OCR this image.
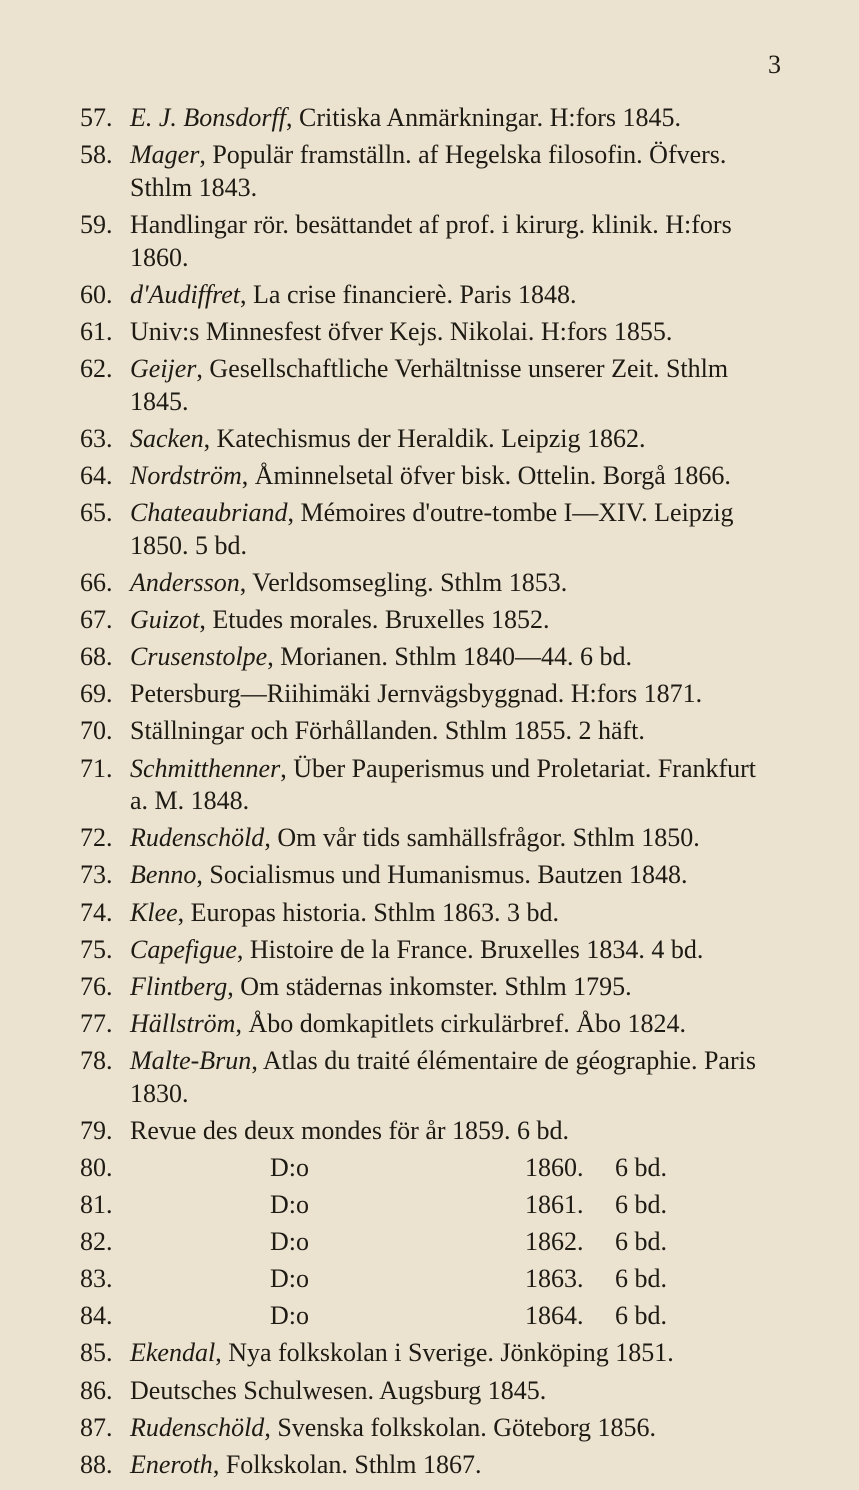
3
57. E. J. Bonsdorff, Critiska Anmärkningar. H:fors 1845.
58. Mager, Populär framställn. af Hegelska filosofin. Öfvers. Sthlm 1843.
59. Handlingar rör. besättandet af prof. i kirurg. klinik. H:fors 1860.
60. d'Audiffret, La crise financierè. Paris 1848.
61. Univ:s Minnesfest öfver Kejs. Nikolai. H:fors 1855.
62. Geijer, Gesellschaftliche Verhältnisse unserer Zeit. Sthlm 1845.
63. Sacken, Katechismus der Heraldik. Leipzig 1862.
64. Nordström, Åminnelsetal öfver bisk. Ottelin. Borgå 1866.
65. Chateaubriand, Mémoires d'outre-tombe I—XIV. Leipzig 1850. 5 bd.
66. Andersson, Verldsomsegling. Sthlm 1853.
67. Guizot, Etudes morales. Bruxelles 1852.
68. Crusenstolpe, Morianen. Sthlm 1840—44. 6 bd.
69. Petersburg—Riihimäki Jernvägsbyggnad. H:fors 1871.
70. Ställningar och Förhållanden. Sthlm 1855. 2 häft.
71. Schmitthenner, Über Pauperismus und Proletariat. Frankfurt a. M. 1848.
72. Rudenschöld, Om vår tids samhällsfrågor. Sthlm 1850.
73. Benno, Socialismus und Humanismus. Bautzen 1848.
74. Klee, Europas historia. Sthlm 1863. 3 bd.
75. Capefigue, Histoire de la France. Bruxelles 1834. 4 bd.
76. Flintberg, Om städernas inkomster. Sthlm 1795.
77. Hällström, Åbo domkapitlets cirkulärbref. Åbo 1824.
78. Malte-Brun, Atlas du traité élémentaire de géographie. Paris 1830.
79. Revue des deux mondes för år 1859. 6 bd.
80.	D:o	1860.	6 bd.
81.	D:o	1861.	6 bd.
82.	D:o	1862.	6 bd.
83.	D:o	1863.	6 bd.
84.	D:o	1864.	6 bd.
85. Ekendal, Nya folkskolan i Sverige. Jönköping 1851.
86. Deutsches Schulwesen. Augsburg 1845.
87. Rudenschöld, Svenska folkskolan. Göteborg 1856.
88. Eneroth, Folkskolan. Sthlm 1867.
